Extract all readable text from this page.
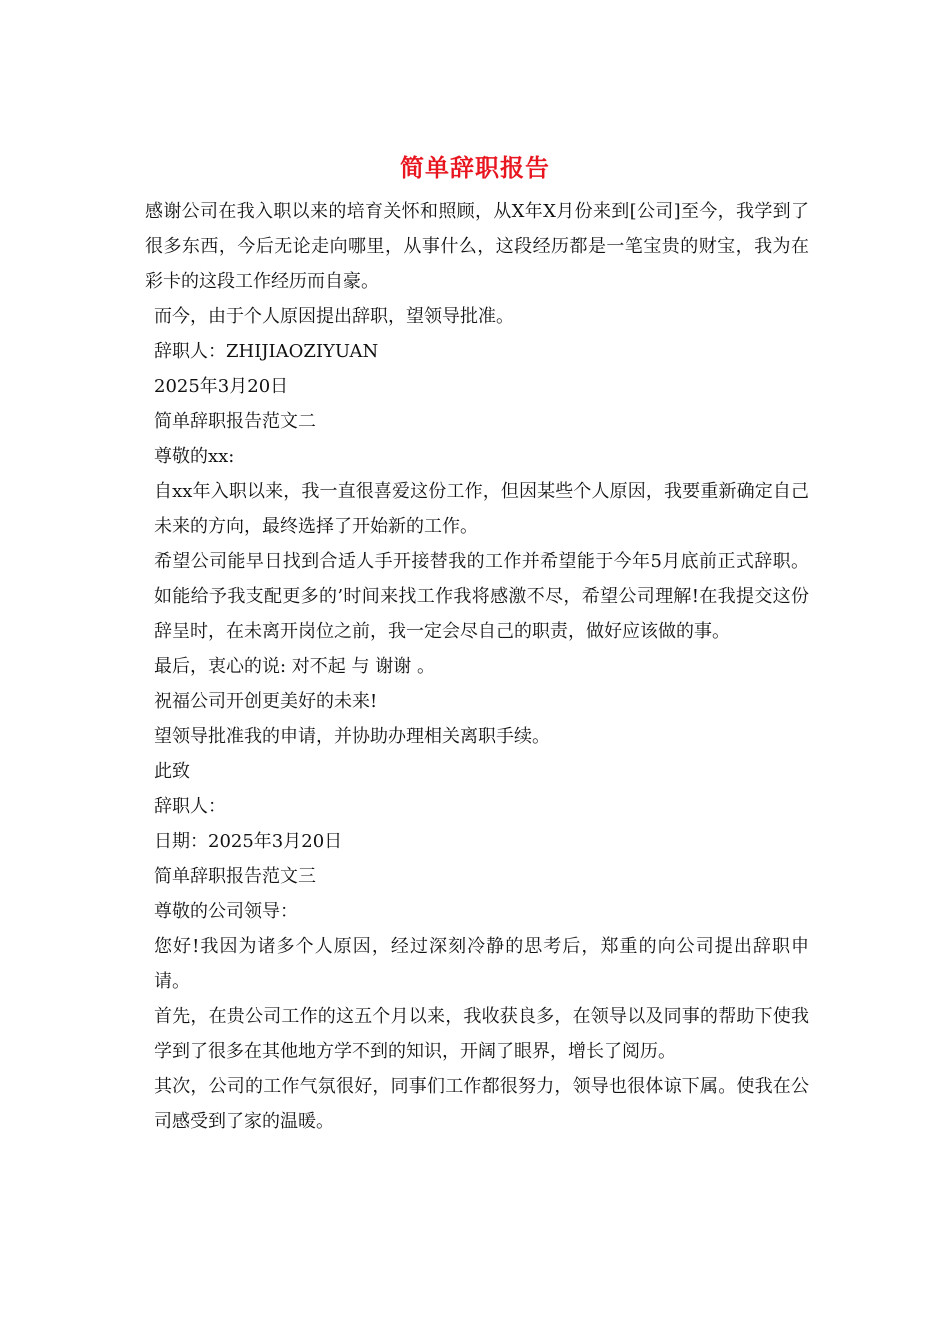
简单辞职报告

感谢公司在我入职以来的培育关怀和照顾，从X年X月份来到[公司]至今，我学到了很多东西，今后无论走向哪里，从事什么，这段经历都是一笔宝贵的财宝，我为在彩卡的这段工作经历而自豪。

而今，由于个人原因提出辞职，望领导批准。

辞职人：ZHIJIAOZIYUAN

2025年3月20日

简单辞职报告范文二

尊敬的xx:

自xx年入职以来，我一直很喜爱这份工作，但因某些个人原因，我要重新确定自己未来的方向，最终选择了开始新的工作。

希望公司能早日找到合适人手开接替我的工作并希望能于今年5月底前正式辞职。如能给予我支配更多的’时间来找工作我将感激不尽，希望公司理解!在我提交这份辞呈时，在未离开岗位之前，我一定会尽自己的职责，做好应该做的事。

最后，衷心的说: 对不起 与 谢谢 。

祝福公司开创更美好的未来!

望领导批准我的申请，并协助办理相关离职手续。

此致

辞职人：

日期：2025年3月20日

简单辞职报告范文三

尊敬的公司领导：

您好!我因为诸多个人原因，经过深刻冷静的思考后，郑重的向公司提出辞职申请。

首先，在贵公司工作的这五个月以来，我收获良多，在领导以及同事的帮助下使我学到了很多在其他地方学不到的知识，开阔了眼界，增长了阅历。

其次，公司的工作气氛很好，同事们工作都很努力，领导也很体谅下属。使我在公司感受到了家的温暖。
